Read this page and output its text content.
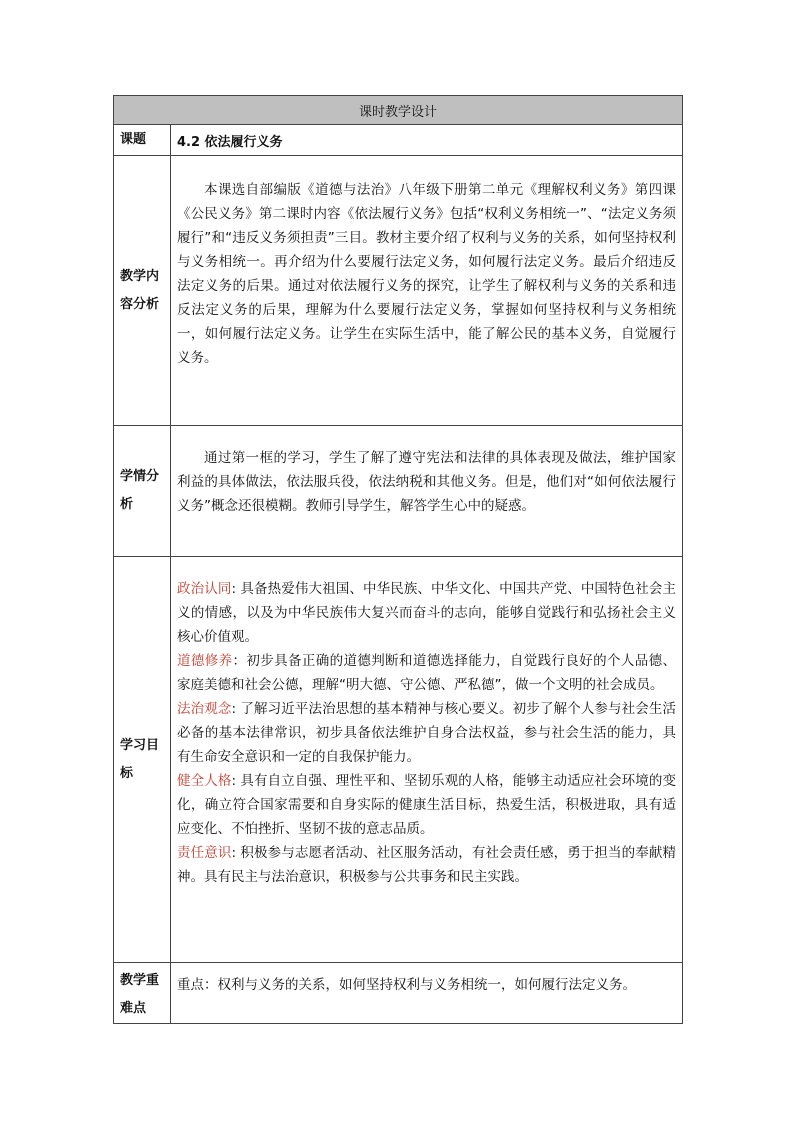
课时教学设计	
课题	4.2 依法履行义务
教学内容分析	本课选自部编版《道德与法治》八年级下册第二单元《理解权利义务》第四课《公民义务》第二课时内容《依法履行义务》包括“权利义务相统一”、“法定义务须履行”和“违反义务须担责”三目。教材主要介绍了权利与义务的关系，如何坚持权利与义务相统一。再介绍为什么要履行法定义务，如何履行法定义务。最后介绍违反法定义务的后果。通过对依法履行义务的探究，让学生了解权利与义务的关系和违反法定义务的后果，理解为什么要履行法定义务，掌握如何坚持权利与义务相统一，如何履行法定义务。让学生在实际生活中，能了解公民的基本义务，自觉履行义务。

学情分析	通过第一框的学习，学生了解了遵守宪法和法律的具体表现及做法，维护国家利益的具体做法，依法服兵役，依法纳税和其他义务。但是，他们对“如何依法履行义务”概念还很模糊。教师引导学生，解答学生心中的疑惑。

学习目标	政治认同: 具备热爱伟大祖国、中华民族、中华文化、中国共产党、中国特色社会主义的情感，以及为中华民族伟大复兴而奋斗的志向，能够自觉践行和弘扬社会主义核心价值观。

道德修养：初步具备正确的道德判断和道德选择能力，自觉践行良好的个人品德、家庭美德和社会公德，理解“明大德、守公德、严私德”，做一个文明的社会成员。

法治观念: 了解习近平法治思想的基本精神与核心要义。初步了解个人参与社会生活必备的基本法律常识，初步具备依法维护自身合法权益，参与社会生活的能力，具有生命安全意识和一定的自我保护能力。

健全人格: 具有自立自强、理性平和、坚韧乐观的人格，能够主动适应社会环境的变化，确立符合国家需要和自身实际的健康生活目标，热爱生活，积极进取，具有适应变化、不怕挫折、坚韧不拔的意志品质。

责任意识: 积极参与志愿者活动、社区服务活动，有社会责任感，勇于担当的奉献精神。具有民主与法治意识，积极参与公共事务和民主实践。

教学重难点	重点：权利与义务的关系，如何坚持权利与义务相统一，如何履行法定义务。
